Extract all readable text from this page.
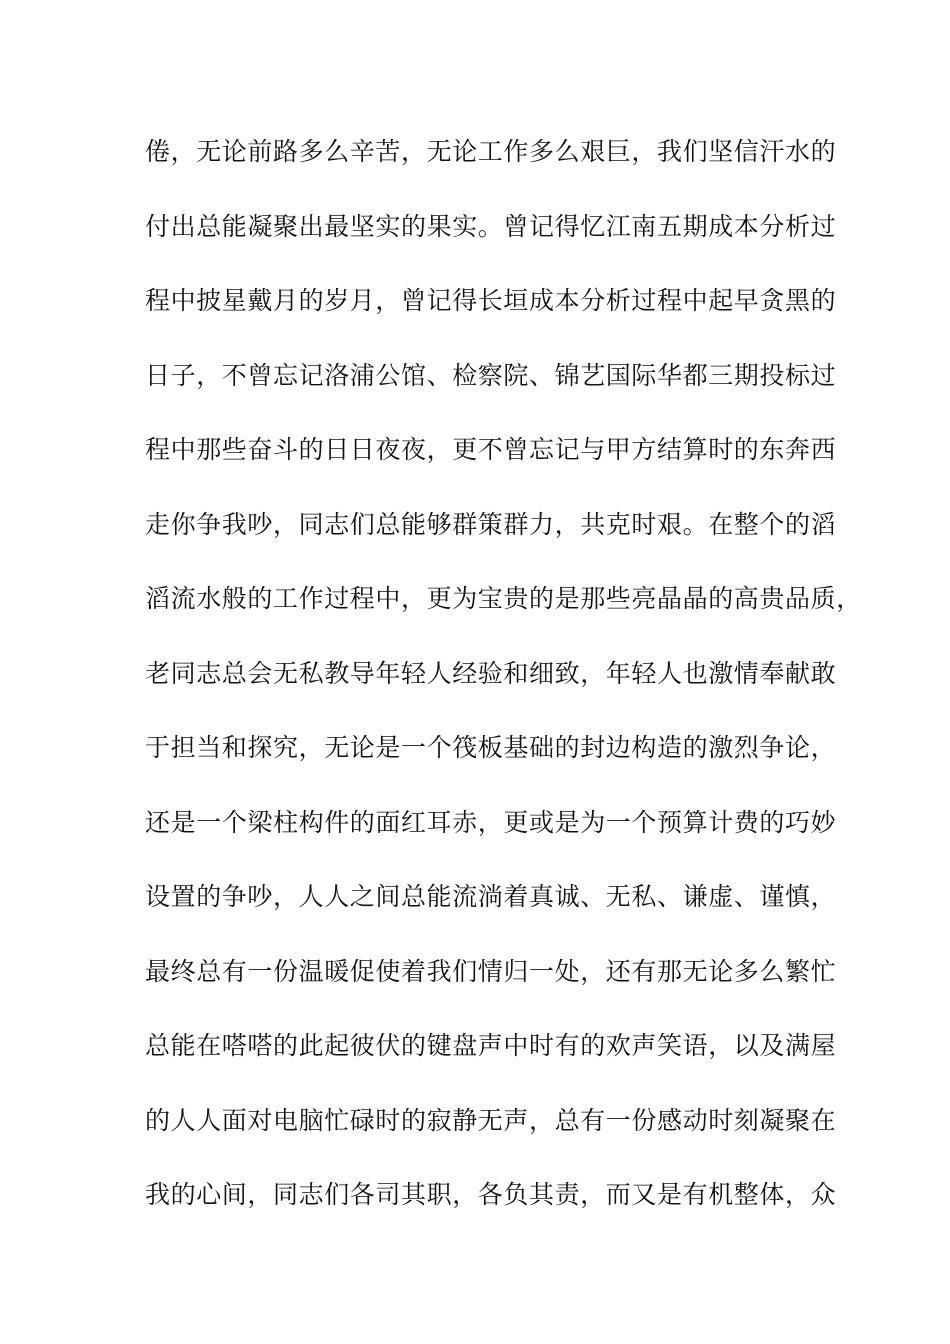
倦，无论前路多么辛苦，无论工作多么艰巨，我们坚信汗水的
付出总能凝聚出最坚实的果实。曾记得忆江南五期成本分析过
程中披星戴月的岁月，曾记得长垣成本分析过程中起早贪黑的
日子，不曾忘记洛浦公馆、检察院、锦艺国际华都三期投标过
程中那些奋斗的日日夜夜，更不曾忘记与甲方结算时的东奔西
走你争我吵，同志们总能够群策群力，共克时艰。在整个的滔
滔流水般的工作过程中，更为宝贵的是那些亮晶晶的高贵品质，
老同志总会无私教导年轻人经验和细致，年轻人也激情奉献敢
于担当和探究，无论是一个筏板基础的封边构造的激烈争论，
还是一个梁柱构件的面红耳赤，更或是为一个预算计费的巧妙
设置的争吵，人人之间总能流淌着真诚、无私、谦虚、谨慎，
最终总有一份温暖促使着我们情归一处，还有那无论多么繁忙
总能在嗒嗒的此起彼伏的键盘声中时有的欢声笑语，以及满屋
的人人面对电脑忙碌时的寂静无声，总有一份感动时刻凝聚在
我的心间，同志们各司其职，各负其责，而又是有机整体，众
